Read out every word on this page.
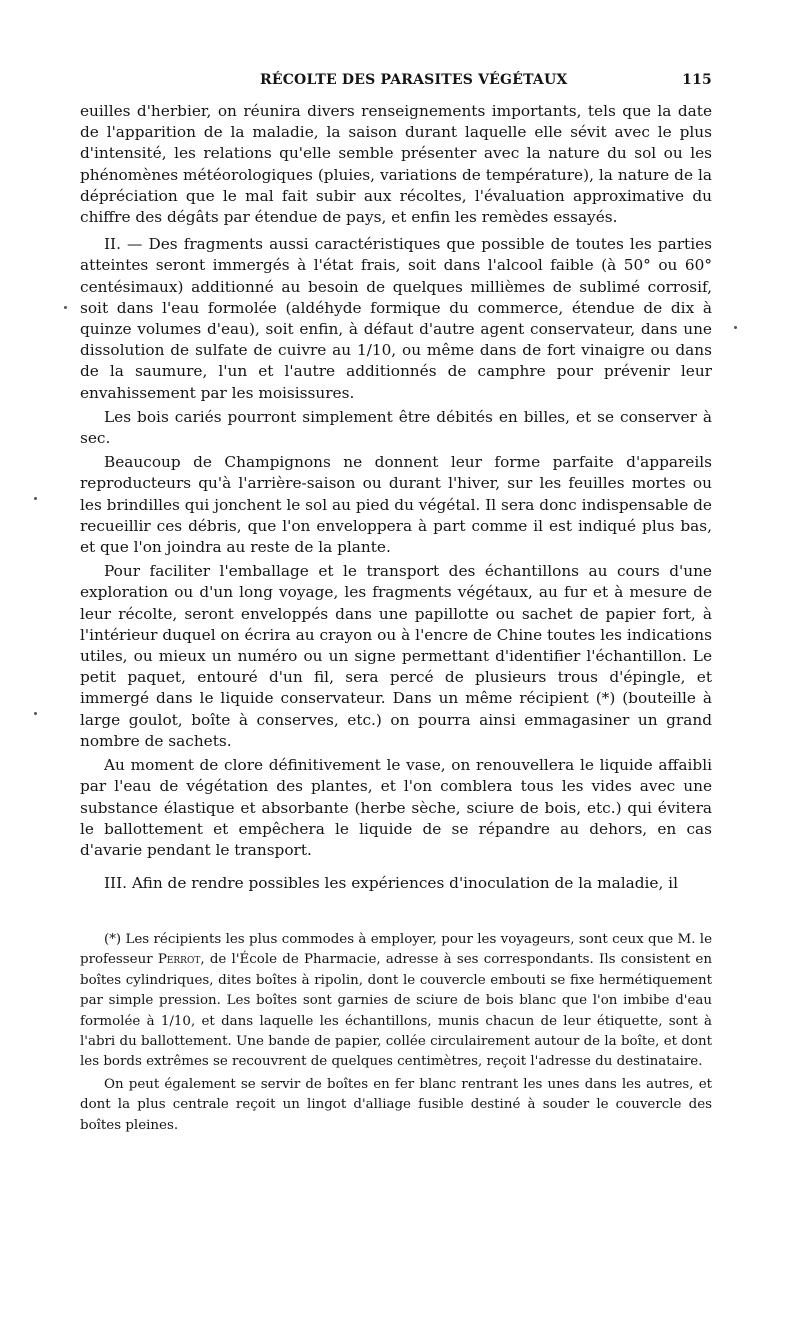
RÉCOLTE DES PARASITES VÉGÉTAUX	115

euilles d'herbier, on réunira divers renseignements importants, tels que la date de l'apparition de la maladie, la saison durant laquelle elle sévit avec le plus d'intensité, les relations qu'elle semble présenter avec la nature du sol ou les phénomènes météorologiques (pluies, variations de température), la nature de la dépréciation que le mal fait subir aux récoltes, l'évaluation approximative du chiffre des dégâts par étendue de pays, et enfin les remèdes essayés.

II. — Des fragments aussi caractéristiques que possible de toutes les parties atteintes seront immergés à l'état frais, soit dans l'alcool faible (à 50° ou 60° centésimaux) additionné au besoin de quelques millièmes de sublimé corrosif, soit dans l'eau formolée (aldéhyde formique du commerce, étendue de dix à quinze volumes d'eau), soit enfin, à défaut d'autre agent conservateur, dans une dissolution de sulfate de cuivre au 1/10, ou même dans de fort vinaigre ou dans de la saumure, l'un et l'autre additionnés de camphre pour prévenir leur envahissement par les moisissures.

Les bois cariés pourront simplement être débités en billes, et se conserver à sec.

Beaucoup de Champignons ne donnent leur forme parfaite d'appareils reproducteurs qu'à l'arrière-saison ou durant l'hiver, sur les feuilles mortes ou les brindilles qui jonchent le sol au pied du végétal. Il sera donc indispensable de recueillir ces débris, que l'on enveloppera à part comme il est indiqué plus bas, et que l'on joindra au reste de la plante.

Pour faciliter l'emballage et le transport des échantillons au cours d'une exploration ou d'un long voyage, les fragments végétaux, au fur et à mesure de leur récolte, seront enveloppés dans une papillotte ou sachet de papier fort, à l'intérieur duquel on écrira au crayon ou à l'encre de Chine toutes les indications utiles, ou mieux un numéro ou un signe permettant d'identifier l'échantillon. Le petit paquet, entouré d'un fil, sera percé de plusieurs trous d'épingle, et immergé dans le liquide conservateur. Dans un même récipient (*) (bouteille à large goulot, boîte à conserves, etc.) on pourra ainsi emmagasiner un grand nombre de sachets.

Au moment de clore définitivement le vase, on renouvellera le liquide affaibli par l'eau de végétation des plantes, et l'on comblera tous les vides avec une substance élastique et absorbante (herbe sèche, sciure de bois, etc.) qui évitera le ballottement et empêchera le liquide de se répandre au dehors, en cas d'avarie pendant le transport.

III. Afin de rendre possibles les expériences d'inoculation de la maladie, il

(*) Les récipients les plus commodes à employer, pour les voyageurs, sont ceux que M. le professeur Perrot, de l'École de Pharmacie, adresse à ses correspondants. Ils consistent en boîtes cylindriques, dites boîtes à ripolin, dont le couvercle embouti se fixe hermétiquement par simple pression. Les boîtes sont garnies de sciure de bois blanc que l'on imbibe d'eau formolée à 1/10, et dans laquelle les échantillons, munis chacun de leur étiquette, sont à l'abri du ballottement. Une bande de papier, collée circulairement autour de la boîte, et dont les bords extrêmes se recouvrent de quelques centimètres, reçoit l'adresse du destinataire.

On peut également se servir de boîtes en fer blanc rentrant les unes dans les autres, et dont la plus centrale reçoit un lingot d'alliage fusible destiné à souder le couvercle des boîtes pleines.
